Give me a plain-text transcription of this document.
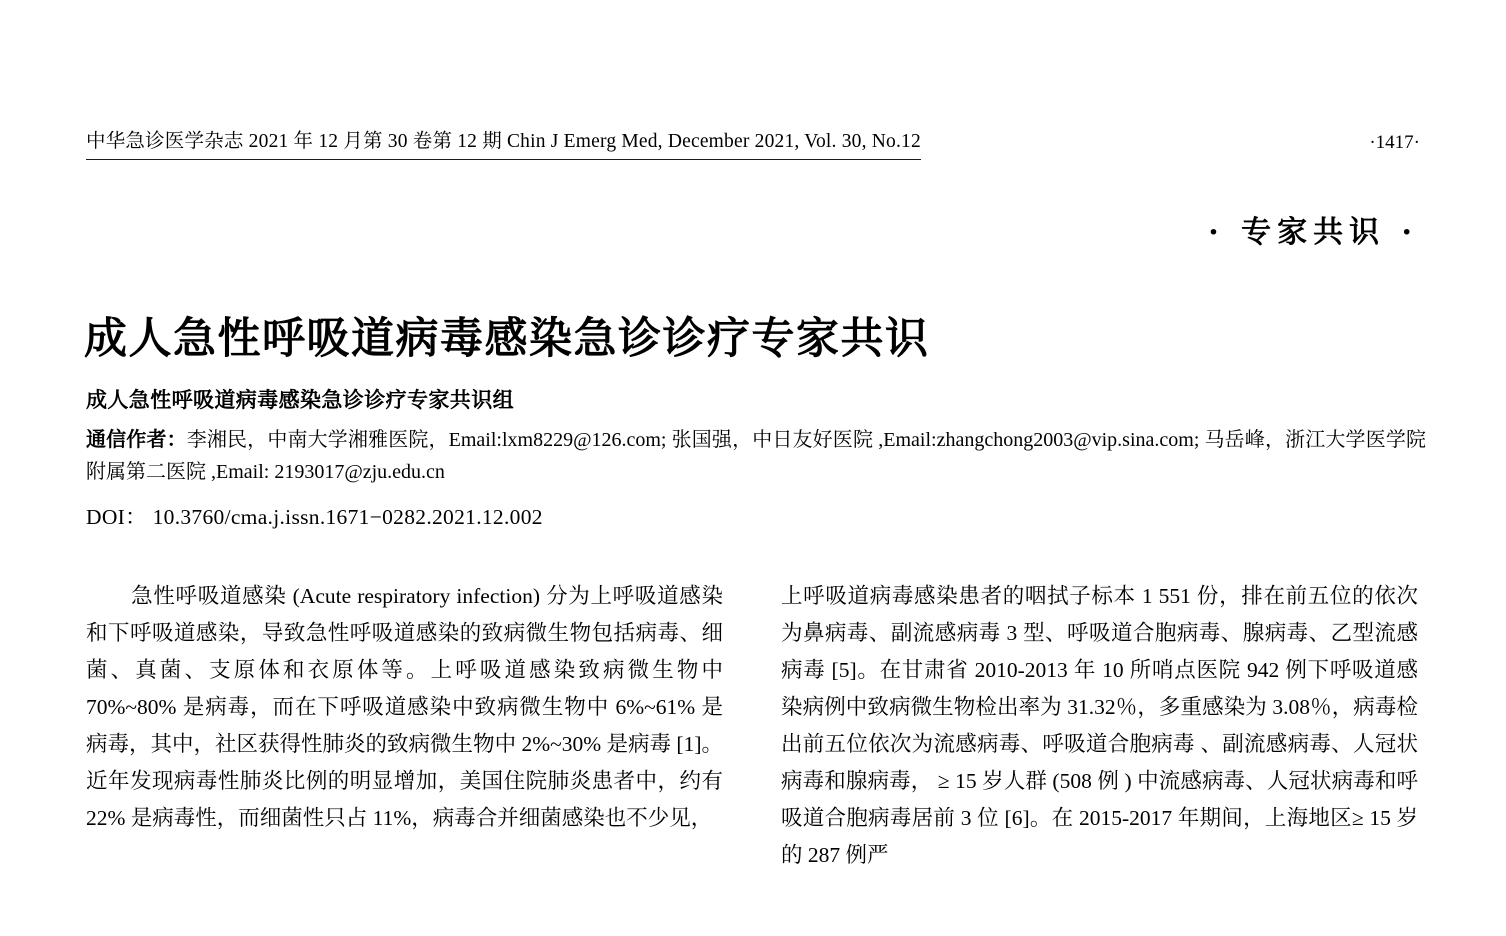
中华急诊医学杂志 2021 年 12 月第 30 卷第 12 期 Chin J Emerg Med, December 2021, Vol. 30, No.12	·1417·
· 专家共识 ·
成人急性呼吸道病毒感染急诊诊疗专家共识
成人急性呼吸道病毒感染急诊诊疗专家共识组
通信作者：李湘民，中南大学湘雅医院，Email:lxm8229@126.com; 张国强，中日友好医院 ,Email:zhangchong2003@vip.sina.com; 马岳峰，浙江大学医学院附属第二医院 ,Email: 2193017@zju.edu.cn
DOI： 10.3760/cma.j.issn.1671−0282.2021.12.002

急性呼吸道感染 (Acute respiratory infection) 分为上呼吸道感染和下呼吸道感染，导致急性呼吸道感染的致病微生物包括病毒、细菌、真菌、支原体和衣原体等。上呼吸道感染致病微生物中 70%~80% 是病毒，而在下呼吸道感染中致病微生物中 6%~61% 是病毒，其中，社区获得性肺炎的致病微生物中 2%~30% 是病毒 [1]。近年发现病毒性肺炎比例的明显增加，美国住院肺炎患者中，约有 22% 是病毒性，而细菌性只占 11%，病毒合并细菌感染也不少见，

上呼吸道病毒感染患者的咽拭子标本 1 551 份，排在前五位的依次为鼻病毒、副流感病毒 3 型、呼吸道合胞病毒、腺病毒、乙型流感病毒 [5]。在甘肃省 2010-2013 年 10 所哨点医院 942 例下呼吸道感染病例中致病微生物检出率为 31.32％，多重感染为 3.08％，病毒检出前五位依次为流感病毒、呼吸道合胞病毒 、副流感病毒、人冠状病毒和腺病毒， ≥ 15 岁人群 (508 例 ) 中流感病毒、人冠状病毒和呼吸道合胞病毒居前 3 位 [6]。在 2015-2017 年期间，上海地区≥ 15 岁的 287 例严
